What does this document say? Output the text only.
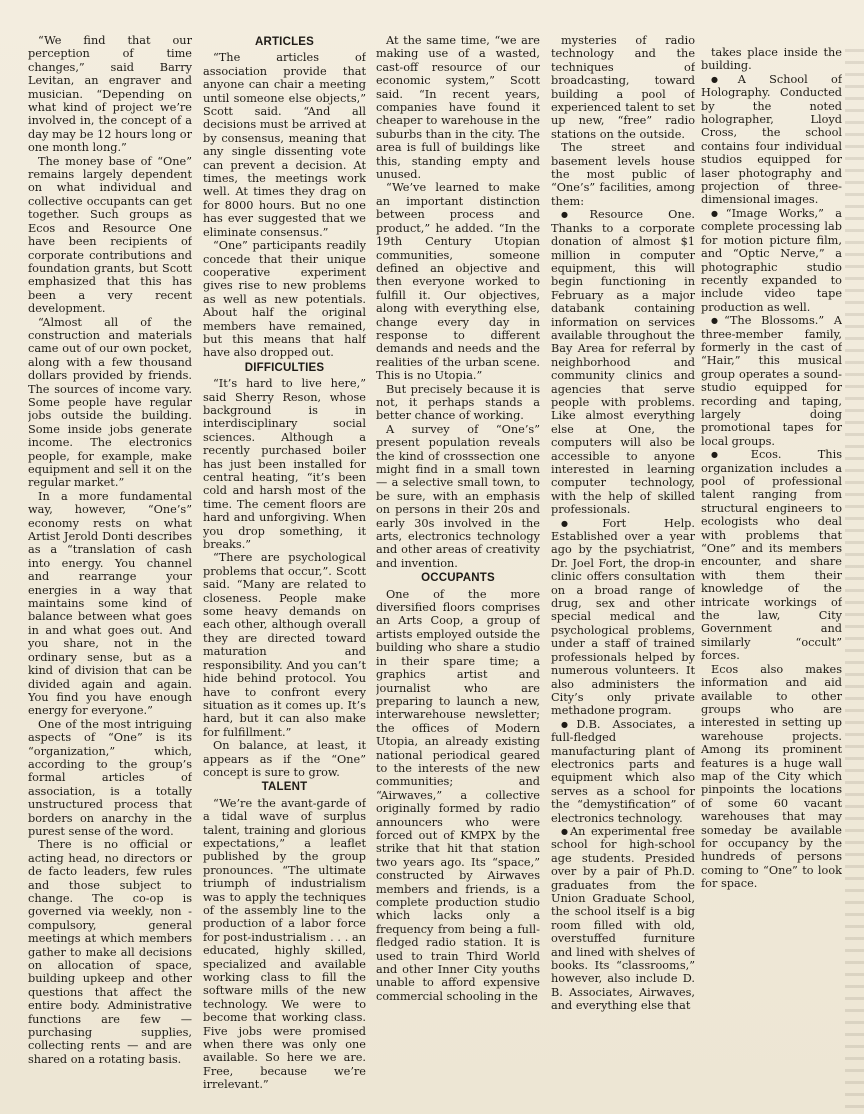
“We find that our perception of time changes,” said Barry Levitan, an engraver and musician. “Depending on what kind of project we’re involved in, the concept of a day may be 12 hours long or one month long.”

The money base of “One” remains largely dependent on what individual and collective occupants can get together. Such groups as Ecos and Resource One have been recipients of corporate contributions and foundation grants, but Scott emphasized that this has been a very recent development.

“Almost all of the construction and materials came out of our own pocket, along with a few thousand dollars provided by friends. The sources of income vary. Some people have regular jobs outside the building. Some inside jobs generate income. The electronics people, for example, make equipment and sell it on the regular market.”

In a more fundamental way, however, “One’s” economy rests on what Artist Jerold Donti describes as a “translation of cash into energy. You channel and rearrange your energies in a way that maintains some kind of balance between what goes in and what goes out. And you share, not in the ordinary sense, but as a kind of division that can be divided again and again. You find you have enough energy for everyone.”

One of the most intriguing aspects of “One” is its “organization,” which, according to the group’s formal articles of association, is a totally unstructured process that borders on anarchy in the purest sense of the word.

There is no official or acting head, no directors or de facto leaders, few rules and those subject to change. The co-op is governed via weekly, non - compulsory, general meetings at which members gather to make all decisions on allocation of space, building upkeep and other questions that affect the entire body. Administrative functions are few — purchasing supplies, collecting rents — and are shared on a rotating basis.

ARTICLES

“The articles of association provide that anyone can chair a meeting until someone else objects,” Scott said. “And all decisions must be arrived at by consensus, meaning that any single dissenting vote can prevent a decision. At times, the meetings work well. At times they drag on for 8000 hours. But no one has ever suggested that we eliminate consensus.”

“One” participants readily concede that their unique cooperative experiment gives rise to new problems as well as new potentials. About half the original members have remained, but this means that half have also dropped out.

DIFFICULTIES

“It’s hard to live here,” said Sherry Reson, whose background is in interdisciplinary social sciences. Although a recently purchased boiler has just been installed for central heating, “it’s been cold and harsh most of the time. The cement floors are hard and unforgiving. When you drop something, it breaks.”

“There are psychological problems that occur,”. Scott said. “Many are related to closeness. People make some heavy demands on each other, although overall they are directed toward maturation and responsibility. And you can’t hide behind protocol. You have to confront every situation as it comes up. It’s hard, but it can also make for fulfillment.”

On balance, at least, it appears as if the “One” concept is sure to grow.

TALENT

“We’re the avant-garde of a tidal wave of surplus talent, training and glorious expectations,” a leaflet published by the group pronounces. “The ultimate triumph of industrialism was to apply the techniques of the assembly line to the production of a labor force for post-industrialism . . . an educated, highly skilled, specialized and available working class to fill the software mills of the new technology. We were to become that working class. Five jobs were promised when there was only one available. So here we are. Free, because we’re irrelevant.”

At the same time, “we are making use of a wasted, cast-off resource of our economic system,” Scott said. “In recent years, companies have found it cheaper to warehouse in the suburbs than in the city. The area is full of buildings like this, standing empty and unused.

“We’ve learned to make an important distinction between process and product,” he added. “In the 19th Century Utopian communities, someone defined an objective and then everyone worked to fulfill it. Our objectives, along with everything else, change every day in response to different demands and needs and the realities of the urban scene. This is no Utopia.”

But precisely because it is not, it perhaps stands a better chance of working.

A survey of “One’s” present population reveals the kind of crosssection one might find in a small town — a selective small town, to be sure, with an emphasis on persons in their 20s and early 30s involved in the arts, electronics technology and other areas of creativity and invention.

OCCUPANTS

One of the more diversified floors comprises an Arts Coop, a group of artists employed outside the building who share a studio in their spare time; a graphics artist and journalist who are preparing to launch a new, interwarehouse newsletter; the offices of Modern Utopia, an already existing national periodical geared to the interests of the new communities; and “Airwaves,” a collective originally formed by radio announcers who were forced out of KMPX by the strike that hit that station two years ago. Its “space,” constructed by Airwaves members and friends, is a complete production studio which lacks only a frequency from being a full-fledged radio station. It is used to train Third World and other Inner City youths unable to afford expensive commercial schooling in the

mysteries of radio technology and the techniques of broadcasting, toward building a pool of experienced talent to set up new, “free” radio stations on the outside.

The street and basement levels house the most public of “One’s” facilities, among them:

● Resource One. Thanks to a corporate donation of almost $1 million in computer equipment, this will begin functioning in February as a major databank containing information on services available throughout the Bay Area for referral by neighborhood and community clinics and agencies that serve people with problems. Like almost everything else at One, the computers will also be accessible to anyone interested in learning computer technology, with the help of skilled professionals.

● Fort Help. Established over a year ago by the psychiatrist, Dr. Joel Fort, the drop-in clinic offers consultation on a broad range of drug, sex and other special medical and psychological problems, under a staff of trained professionals helped by numerous volunteers. It also administers the City’s only private methadone program.

● D.B. Associates, a full-fledged manufacturing plant of electronics parts and equipment which also serves as a school for the “demystification” of electronics technology.

● An experimental free school for high-school age students. Presided over by a pair of Ph.D. graduates from the Union Graduate School, the school itself is a big room filled with old, overstuffed furniture and lined with shelves of books. Its “classrooms,” however, also include D. B. Associates, Airwaves, and everything else that

takes place inside the building.

● A School of Holography. Conducted by the noted holographer, Lloyd Cross, the school contains four individual studios equipped for laser photography and projection of three-dimensional images.

● “Image Works,” a complete processing lab for motion picture film, and “Optic Nerve,” a photographic studio recently expanded to include video tape production as well.

● “The Blossoms.” A three-member family, formerly in the cast of “Hair,” this musical group operates a sound-studio equipped for recording and taping, largely doing promotional tapes for local groups.

● Ecos. This organization includes a pool of professional talent ranging from structural engineers to ecologists who deal with problems that “One” and its members encounter, and share with them their knowledge of the intricate workings of the law, City Government and similarly “occult” forces.

Ecos also makes information and aid available to other groups who are interested in setting up warehouse projects. Among its prominent features is a huge wall map of the City which pinpoints the locations of some 60 vacant warehouses that may someday be available for occupancy by the hundreds of persons coming to “One” to look for space.
